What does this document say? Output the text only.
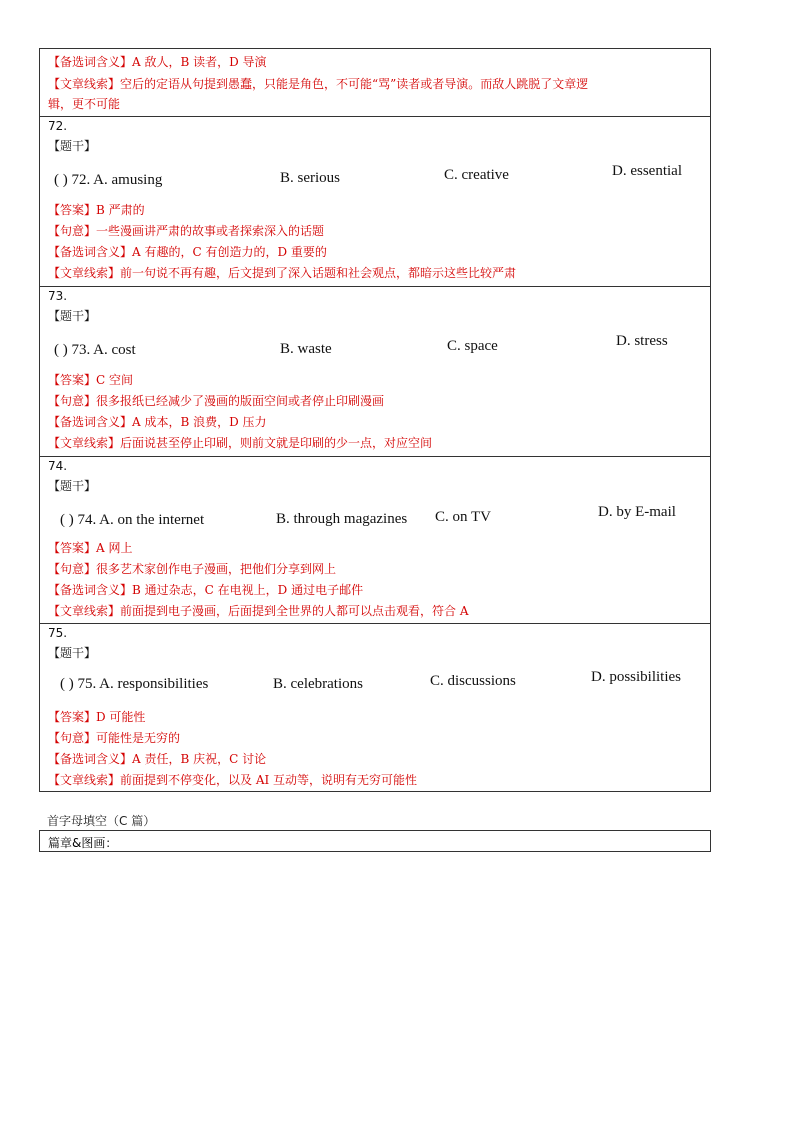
【备选词含义】A 敌人，B 读者，D 导演
【文章线索】空后的定语从句提到愚蠢，只能是角色，不可能“骂”读者或者导演。而敌人跳脱了文章逻
辑，更不可能
72.
【题干】
( ) 72. A. amusing	B. serious	C. creative	D. essential
【答案】B 严肃的
【句意】一些漫画讲严肃的故事或者探索深入的话题
【备选词含义】A 有趣的，C 有创造力的，D 重要的
【文章线索】前一句说不再有趣，后文提到了深入话题和社会观点，都暗示这些比较严肃
73.
【题干】
( ) 73. A. cost	B. waste	C. space	D. stress
【答案】C 空间
【句意】很多报纸已经减少了漫画的版面空间或者停止印刷漫画
【备选词含义】A 成本，B 浪费，D 压力
【文章线索】后面说甚至停止印刷，则前文就是印刷的少一点，对应空间
74.
【题干】
( ) 74. A. on the internet	B. through magazines C. on TV	D. by E-mail
【答案】A 网上
【句意】很多艺术家创作电子漫画，把他们分享到网上
【备选词含义】B 通过杂志，C 在电视上，D 通过电子邮件
【文章线索】前面提到电子漫画，后面提到全世界的人都可以点击观看，符合 A
75.
【题干】
( ) 75. A. responsibilities	B. celebrations	C. discussions	D. possibilities
【答案】D 可能性
【句意】可能性是无穷的
【备选词含义】A 责任，B 庆祝，C 讨论
【文章线索】前面提到不停变化，以及 AI 互动等，说明有无穷可能性
首字母填空（C 篇）
篇章&图画：
